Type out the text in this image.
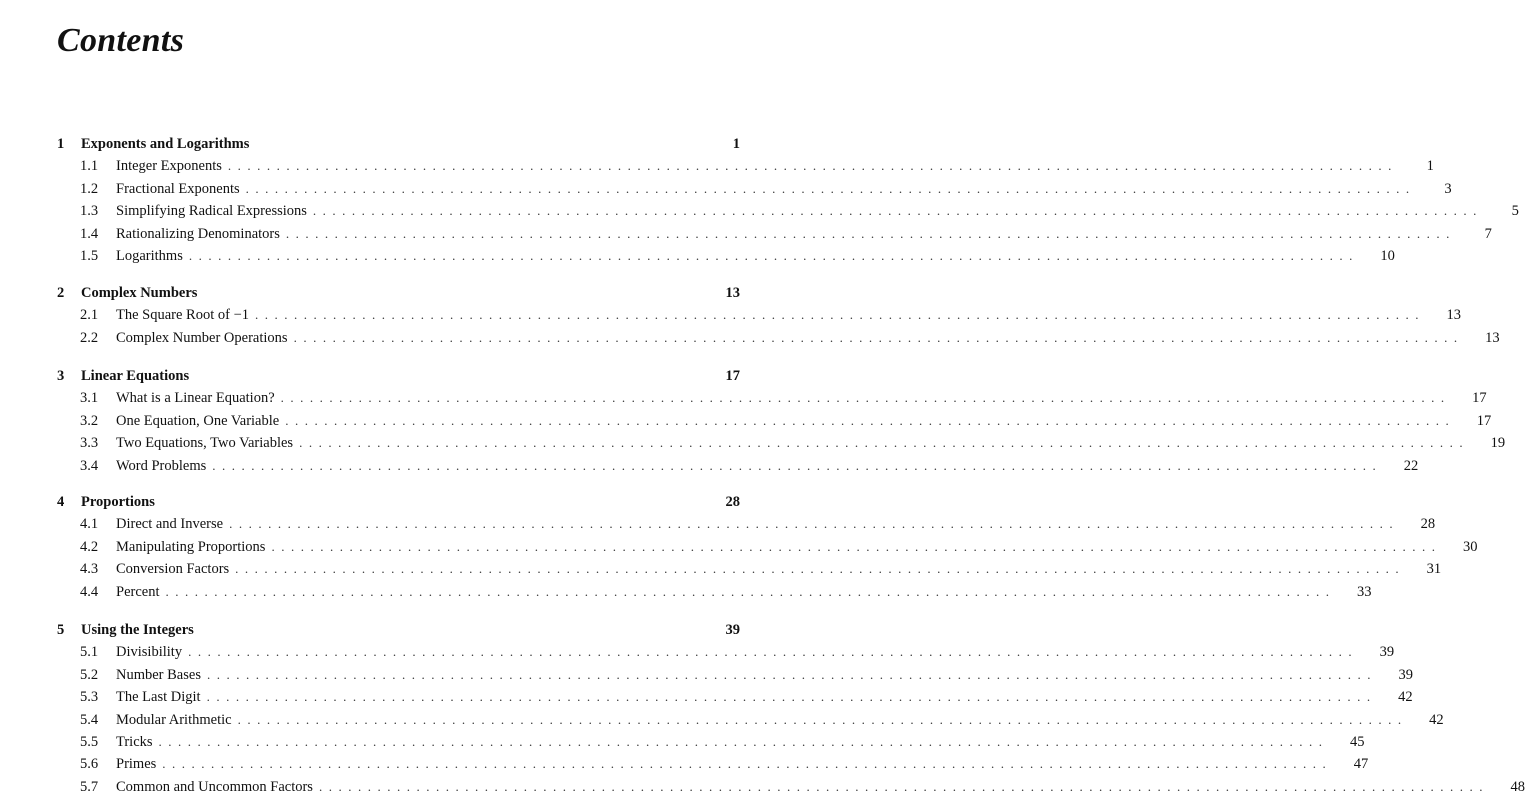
Contents
1 Exponents and Logarithms	1
1.1	Integer Exponents ........................................................................................................................	1
1.2	Fractional Exponents ........................................................................................................................	3
1.3	Simplifying Radical Expressions ........................................................................................................................	5
1.4	Rationalizing Denominators ........................................................................................................................	7
1.5	Logarithms ........................................................................................................................	10
2 Complex Numbers	13
2.1	The Square Root of −1 ........................................................................................................................	13
2.2	Complex Number Operations ........................................................................................................................	13
3 Linear Equations	17
3.1	What is a Linear Equation? ........................................................................................................................	17
3.2	One Equation, One Variable ........................................................................................................................	17
3.3	Two Equations, Two Variables ........................................................................................................................	19
3.4	Word Problems ........................................................................................................................	22
4 Proportions	28
4.1	Direct and Inverse ........................................................................................................................	28
4.2	Manipulating Proportions ........................................................................................................................	30
4.3	Conversion Factors ........................................................................................................................	31
4.4	Percent ........................................................................................................................	33
5 Using the Integers	39
5.1	Divisibility ........................................................................................................................	39
5.2	Number Bases ........................................................................................................................	39
5.3	The Last Digit ........................................................................................................................	42
5.4	Modular Arithmetic ........................................................................................................................	42
5.5	Tricks ........................................................................................................................	45
5.6	Primes ........................................................................................................................	47
5.7	Common and Uncommon Factors ........................................................................................................................	48
